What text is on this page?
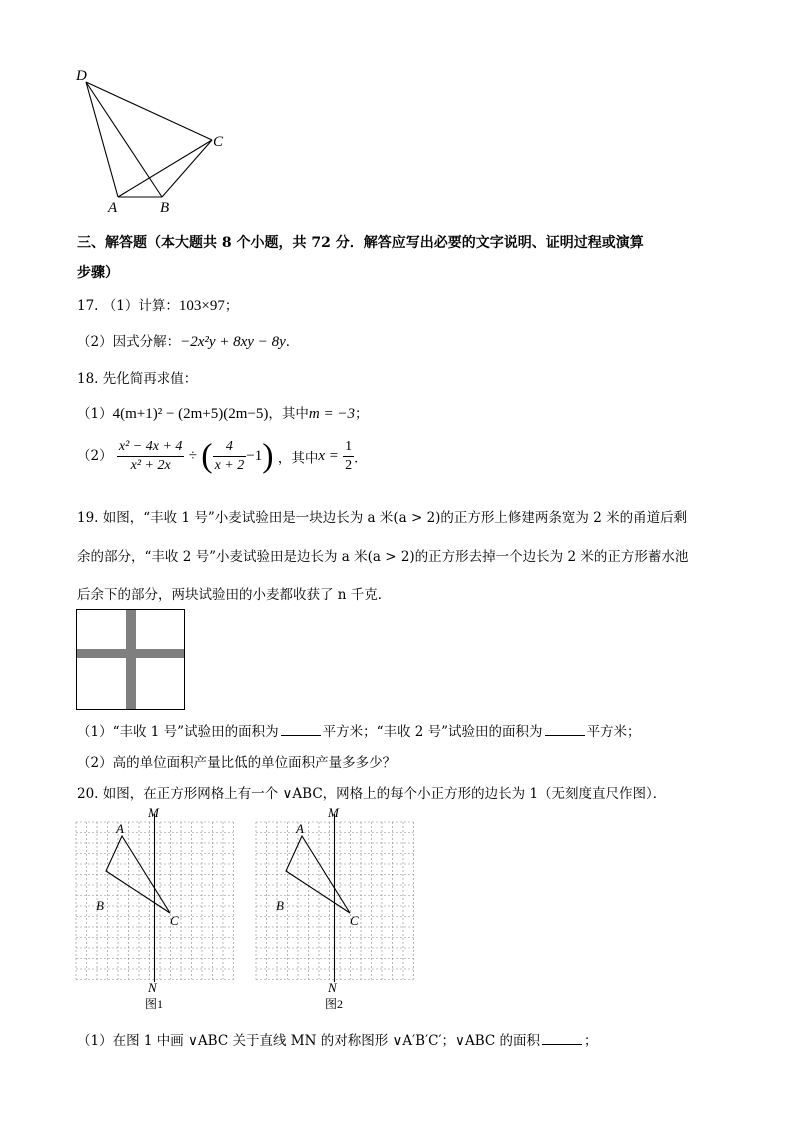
D
C
A	B
三、解答题（本大题共 8 个小题，共 72 分．解答应写出必要的文字说明、证明过程或演算
步骤）
17. （1）计算：103×97；
（2）因式分解：−2x²y + 8xy − 8y．
18. 先化简再求值：
（1）4(m+1)² − (2m+5)(2m−5)，其中m = −3；
$(2) \frac{\text{x² − 4x + 4}}{\text{x² + 2x}}$ ÷ ( $\frac{4}{x + 2} -1$) ，其中$x = \frac{1}{2}$ ．
19. 如图，“丰收 1 号”小麦试验田是一块边长为 a 米(a > 2)的正方形上修建两条宽为 2 米的甬道后剩
余的部分，“丰收 2 号”小麦试验田是边长为 a 米(a > 2)的正方形去掉一个边长为 2 米的正方形蓄水池
后余下的部分，两块试验田的小麦都收获了 n 千克．
（1）“丰收 1 号”试验田的面积为	平方米；“丰收 2 号”试验田的面积为	平方米；
（2）高的单位面积产量比低的单位面积产量多多少？
20. 如图，在正方形网格上有一个 ∨ABC，网格上的每个小正方形的边长为 1（无刻度直尺作图）．
M
N
A
B
C
图1
M
N
A
B
C
图2
（1）在图 1 中画 ∨ABC 关于直线 MN 的对称图形 ∨A′B′C′；∨ABC 的面积	；
